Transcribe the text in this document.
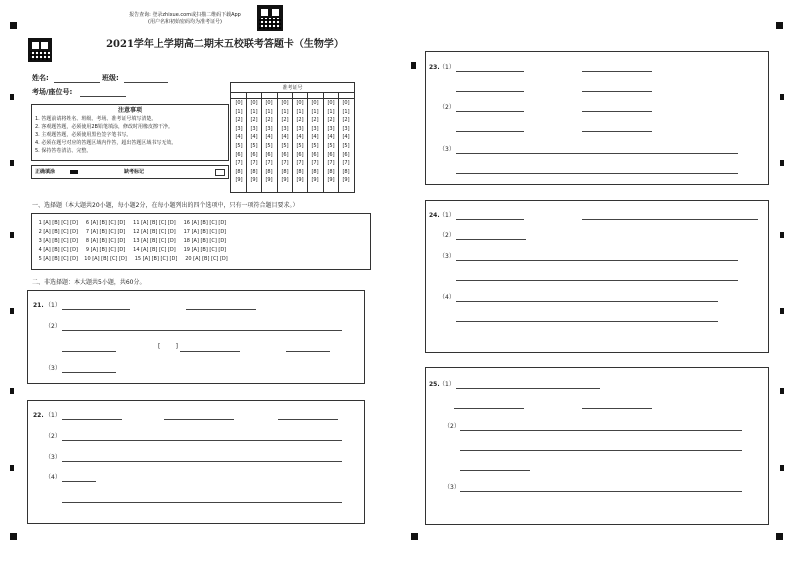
报告查询: 登录zhixue.com或扫描二维码下载App
(用户名和初始密码均为准考证号)
2021学年上学期高二期末五校联考答题卡（生物学）
姓名:	班级:
考场/座位号:
注意事项
1. 答题前请将姓名、班级、考场、准考证号填写清楚。
2. 客观题答题，必须使用2B铅笔填涂，修改时用橡皮擦干净。
3. 主观题答题，必须使用黑色签字笔书写。
4. 必须在题号对应的答题区域内作答，超出答题区域书写无效。
5. 保持答卷清洁、完整。
正确填涂	缺考标记
准考证号
[0]
[1]
[2]
[3]
[4]
[5]
[6]
[7]
[8]
[9]
[0]
[1]
[2]
[3]
[4]
[5]
[6]
[7]
[8]
[9]
[0]
[1]
[2]
[3]
[4]
[5]
[6]
[7]
[8]
[9]
[0]
[1]
[2]
[3]
[4]
[5]
[6]
[7]
[8]
[9]
[0]
[1]
[2]
[3]
[4]
[5]
[6]
[7]
[8]
[9]
[0]
[1]
[2]
[3]
[4]
[5]
[6]
[7]
[8]
[9]
[0]
[1]
[2]
[3]
[4]
[5]
[6]
[7]
[8]
[9]
[0]
[1]
[2]
[3]
[4]
[5]
[6]
[7]
[8]
[9]
一、选择题（本大题共20小题，每小题2分，在每小题列出的四个选项中，只有一项符合题目要求。）
1 [A] [B] [C] [D]     6 [A] [B] [C] [D]     11 [A] [B] [C] [D]     16 [A] [B] [C] [D]
2 [A] [B] [C] [D]     7 [A] [B] [C] [D]     12 [A] [B] [C] [D]     17 [A] [B] [C] [D]
3 [A] [B] [C] [D]     8 [A] [B] [C] [D]     13 [A] [B] [C] [D]     18 [A] [B] [C] [D]
4 [A] [B] [C] [D]     9 [A] [B] [C] [D]     14 [A] [B] [C] [D]     19 [A] [B] [C] [D]
5 [A] [B] [C] [D]    10 [A] [B] [C] [D]     15 [A] [B] [C] [D]     20 [A] [B] [C] [D]
二、非选择题：本大题共5小题，共60分。
21. （1）
（2）
[        ]
（3）
22. （1）
（2）
（3）
（4）
23. （1）
（2）
（3）
24. （1）
（2）
（3）
（4）
25. （1）
（2）
（3）
